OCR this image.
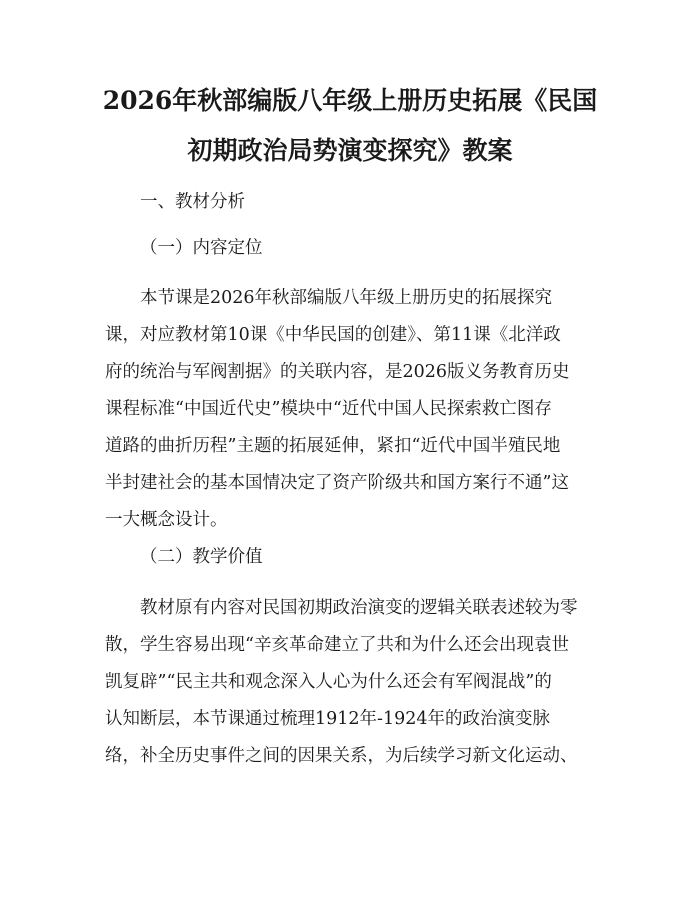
2026年秋部编版八年级上册历史拓展《民国
初期政治局势演变探究》教案
一、教材分析
（一）内容定位
本节课是2026年秋部编版八年级上册历史的拓展探究
课，对应教材第10课《中华民国的创建》、第11课《北洋政
府的统治与军阀割据》的关联内容，是2026版义务教育历史
课程标准“中国近代史”模块中“近代中国人民探索救亡图存
道路的曲折历程”主题的拓展延伸，紧扣“近代中国半殖民地
半封建社会的基本国情决定了资产阶级共和国方案行不通”这
一大概念设计。
（二）教学价值
教材原有内容对民国初期政治演变的逻辑关联表述较为零
散，学生容易出现“辛亥革命建立了共和为什么还会出现袁世
凯复辟”“民主共和观念深入人心为什么还会有军阀混战”的
认知断层，本节课通过梳理1912年-1924年的政治演变脉
络，补全历史事件之间的因果关系，为后续学习新文化运动、
